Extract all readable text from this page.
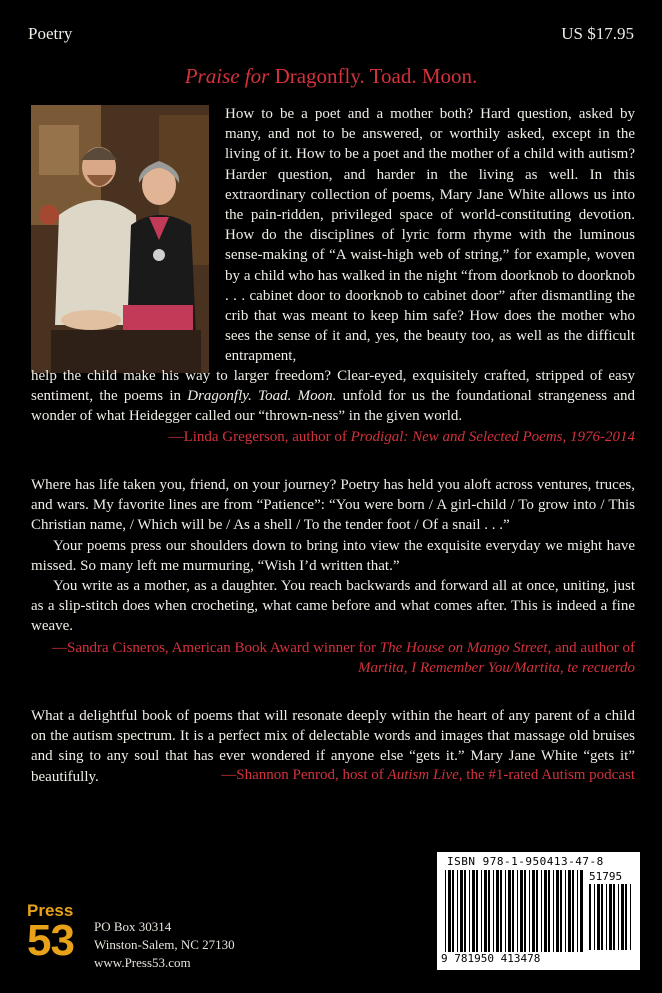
Poetry	US $17.95
Praise for Dragonfly. Toad. Moon.
How to be a poet and a mother both? Hard question, asked by many, and not to be answered, or worthily asked, except in the living of it. How to be a poet and the mother of a child with autism? Harder question, and harder in the living as well. In this extraordinary collection of poems, Mary Jane White allows us into the pain-ridden, privileged space of world-constituting devotion. How do the disciplines of lyric form rhyme with the luminous sense-making of “A waist-high web of string,” for example, woven by a child who has walked in the night “from doorknob to doorknob . . . cabinet door to doorknob to cabinet door” after dismantling the crib that was meant to keep him safe? How does the mother who sees the sense of it and, yes, the beauty too, as well as the difficult entrapment,
help the child make his way to larger freedom? Clear-eyed, exquisitely crafted, stripped of easy sentiment, the poems in Dragonfly. Toad. Moon. unfold for us the foundational strangeness and wonder of what Heidegger called our “thrown-ness” in the given world.
—Linda Gregerson, author of Prodigal: New and Selected Poems, 1976-2014

Where has life taken you, friend, on your journey? Poetry has held you aloft across ventures, truces, and wars. My favorite lines are from “Patience”: “You were born / A girl-child / To grow into / This Christian name, / Which will be / As a shell / To the tender foot / Of a snail . . .”

Your poems press our shoulders down to bring into view the exquisite everyday we might have missed. So many left me murmuring, “Wish I’d written that.”

You write as a mother, as a daughter. You reach backwards and forward all at once, uniting, just as a slip-stitch does when crocheting, what came before and what comes after. This is indeed a fine weave.

—Sandra Cisneros, American Book Award winner for The House on Mango Street, and author of Martita, I Remember You/Martita, te recuerdo
What a delightful book of poems that will resonate deeply within the heart of any parent of a child on the autism spectrum. It is a perfect mix of delectable words and images that massage old bruises and sing to any soul that has ever wondered if anyone else “gets it.” Mary Jane White “gets it” beautifully.	—Shannon Penrod, host of Autism Live, the #1-rated Autism podcast
Press
53	PO Box 30314
Winston-Salem, NC 27130
www.Press53.com
ISBN 978-1-950413-47-8
51795
9 781950 413478
